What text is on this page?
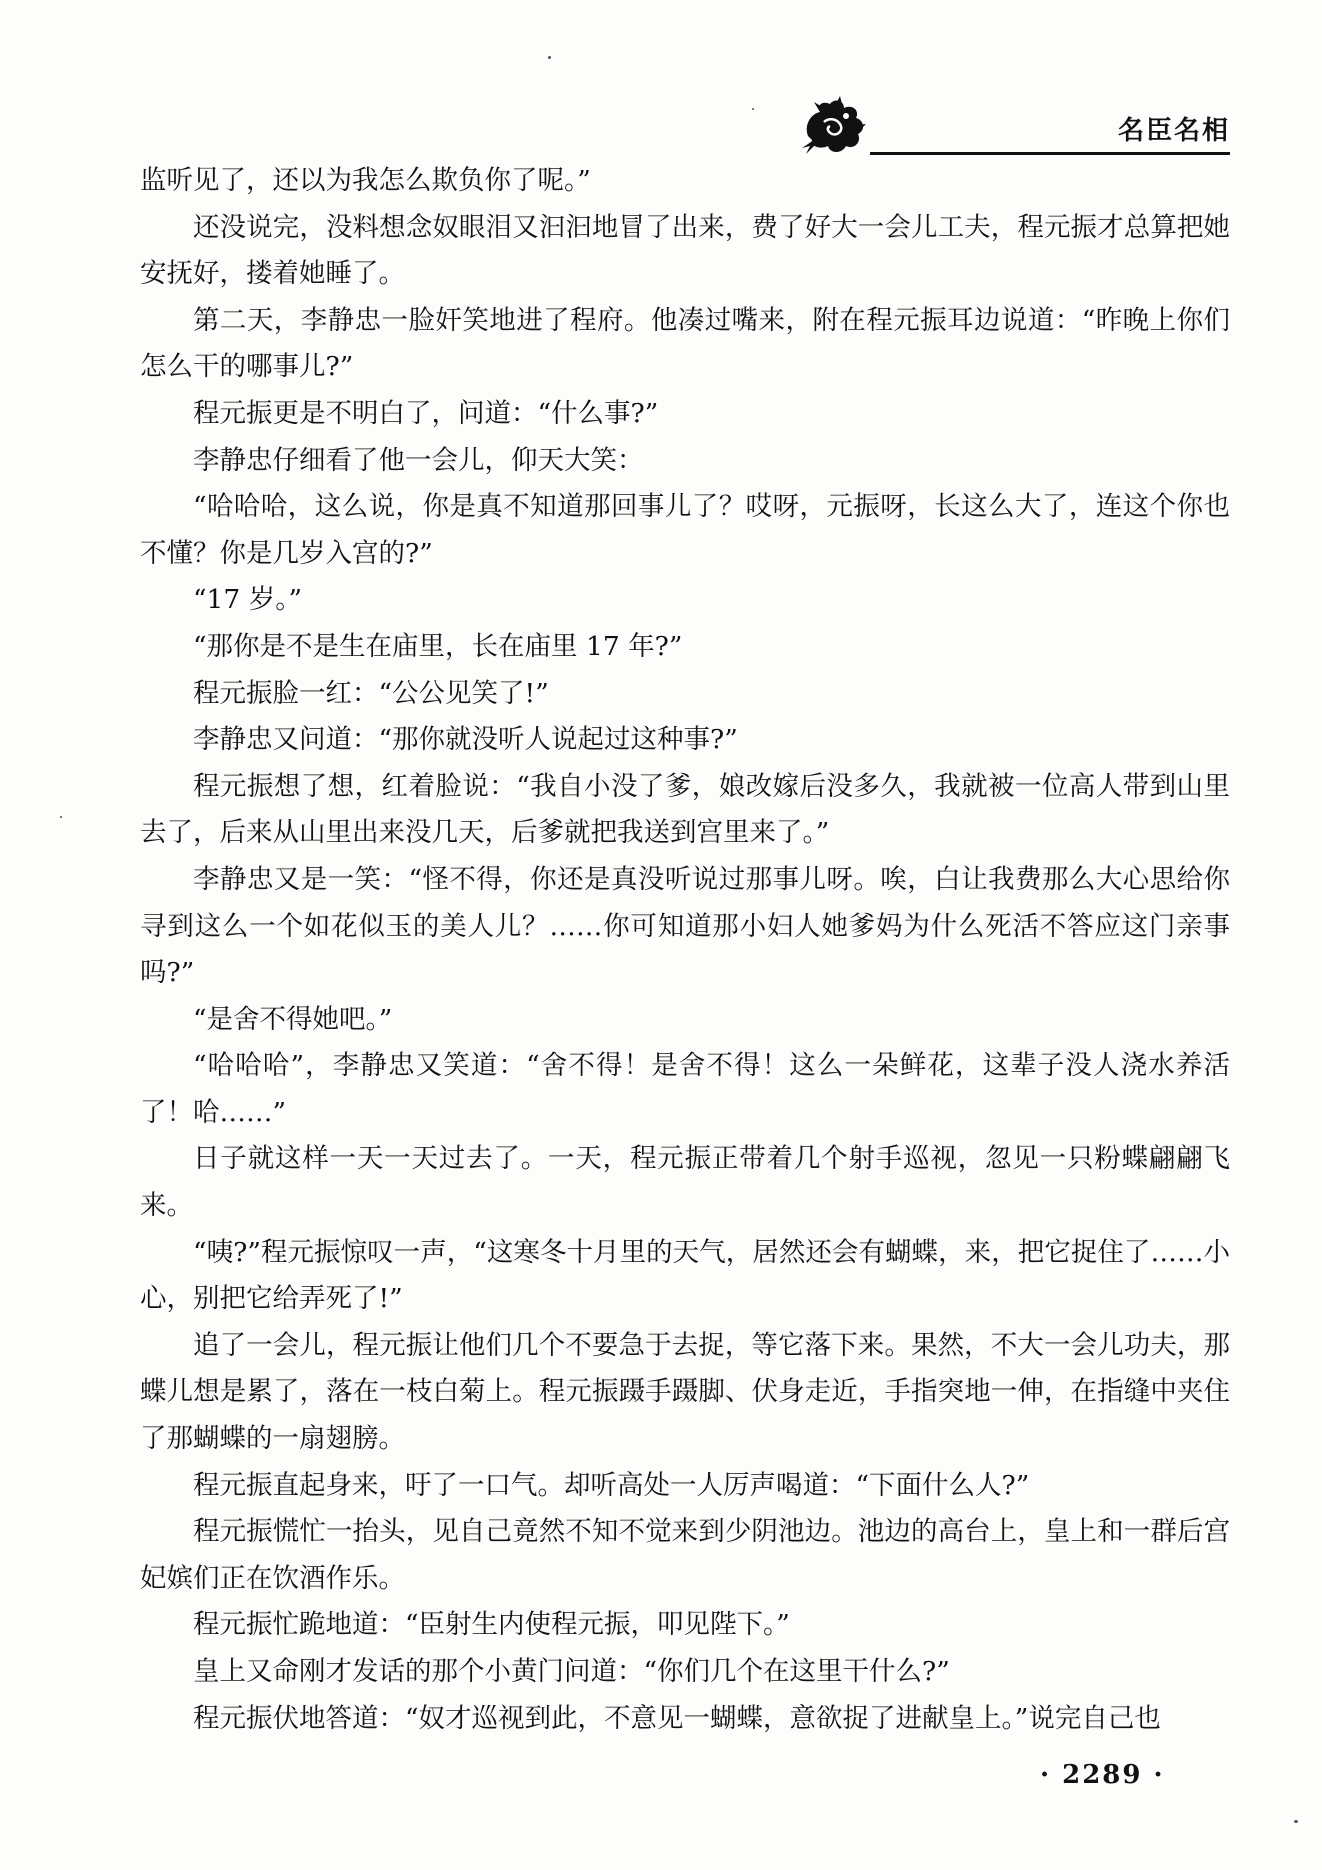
名臣名相

监听见了，还以为我怎么欺负你了呢。”

还没说完，没料想念奴眼泪又汩汩地冒了出来，费了好大一会儿工夫，程元振才总算把她安抚好，搂着她睡了。

第二天，李静忠一脸奸笑地进了程府。他凑过嘴来，附在程元振耳边说道：“昨晚上你们怎么干的哪事儿?”

程元振更是不明白了，问道：“什么事?”

李静忠仔细看了他一会儿，仰天大笑：

“哈哈哈，这么说，你是真不知道那回事儿了？哎呀，元振呀，长这么大了，连这个你也不懂？你是几岁入宫的?”

“17 岁。”

“那你是不是生在庙里，长在庙里 17 年?”

程元振脸一红：“公公见笑了!”

李静忠又问道：“那你就没听人说起过这种事?”

程元振想了想，红着脸说：“我自小没了爹，娘改嫁后没多久，我就被一位高人带到山里去了，后来从山里出来没几天，后爹就把我送到宫里来了。”

李静忠又是一笑：“怪不得，你还是真没听说过那事儿呀。唉，白让我费那么大心思给你寻到这么一个如花似玉的美人儿？……你可知道那小妇人她爹妈为什么死活不答应这门亲事吗?”

“是舍不得她吧。”

“哈哈哈”，李静忠又笑道：“舍不得！是舍不得！这么一朵鲜花，这辈子没人浇水养活了！哈……”

日子就这样一天一天过去了。一天，程元振正带着几个射手巡视，忽见一只粉蝶翩翩飞来。

“咦?”程元振惊叹一声，“这寒冬十月里的天气，居然还会有蝴蝶，来，把它捉住了……小心，别把它给弄死了!”

追了一会儿，程元振让他们几个不要急于去捉，等它落下来。果然，不大一会儿功夫，那蝶儿想是累了，落在一枝白菊上。程元振蹑手蹑脚、伏身走近，手指突地一伸，在指缝中夹住了那蝴蝶的一扇翅膀。

程元振直起身来，吁了一口气。却听高处一人厉声喝道：“下面什么人?”

程元振慌忙一抬头，见自己竟然不知不觉来到少阴池边。池边的高台上，皇上和一群后宫妃嫔们正在饮酒作乐。

程元振忙跪地道：“臣射生内使程元振，叩见陛下。”

皇上又命刚才发话的那个小黄门问道：“你们几个在这里干什么?”

程元振伏地答道：“奴才巡视到此，不意见一蝴蝶，意欲捉了进献皇上。”说完自己也

· 2289 ·
